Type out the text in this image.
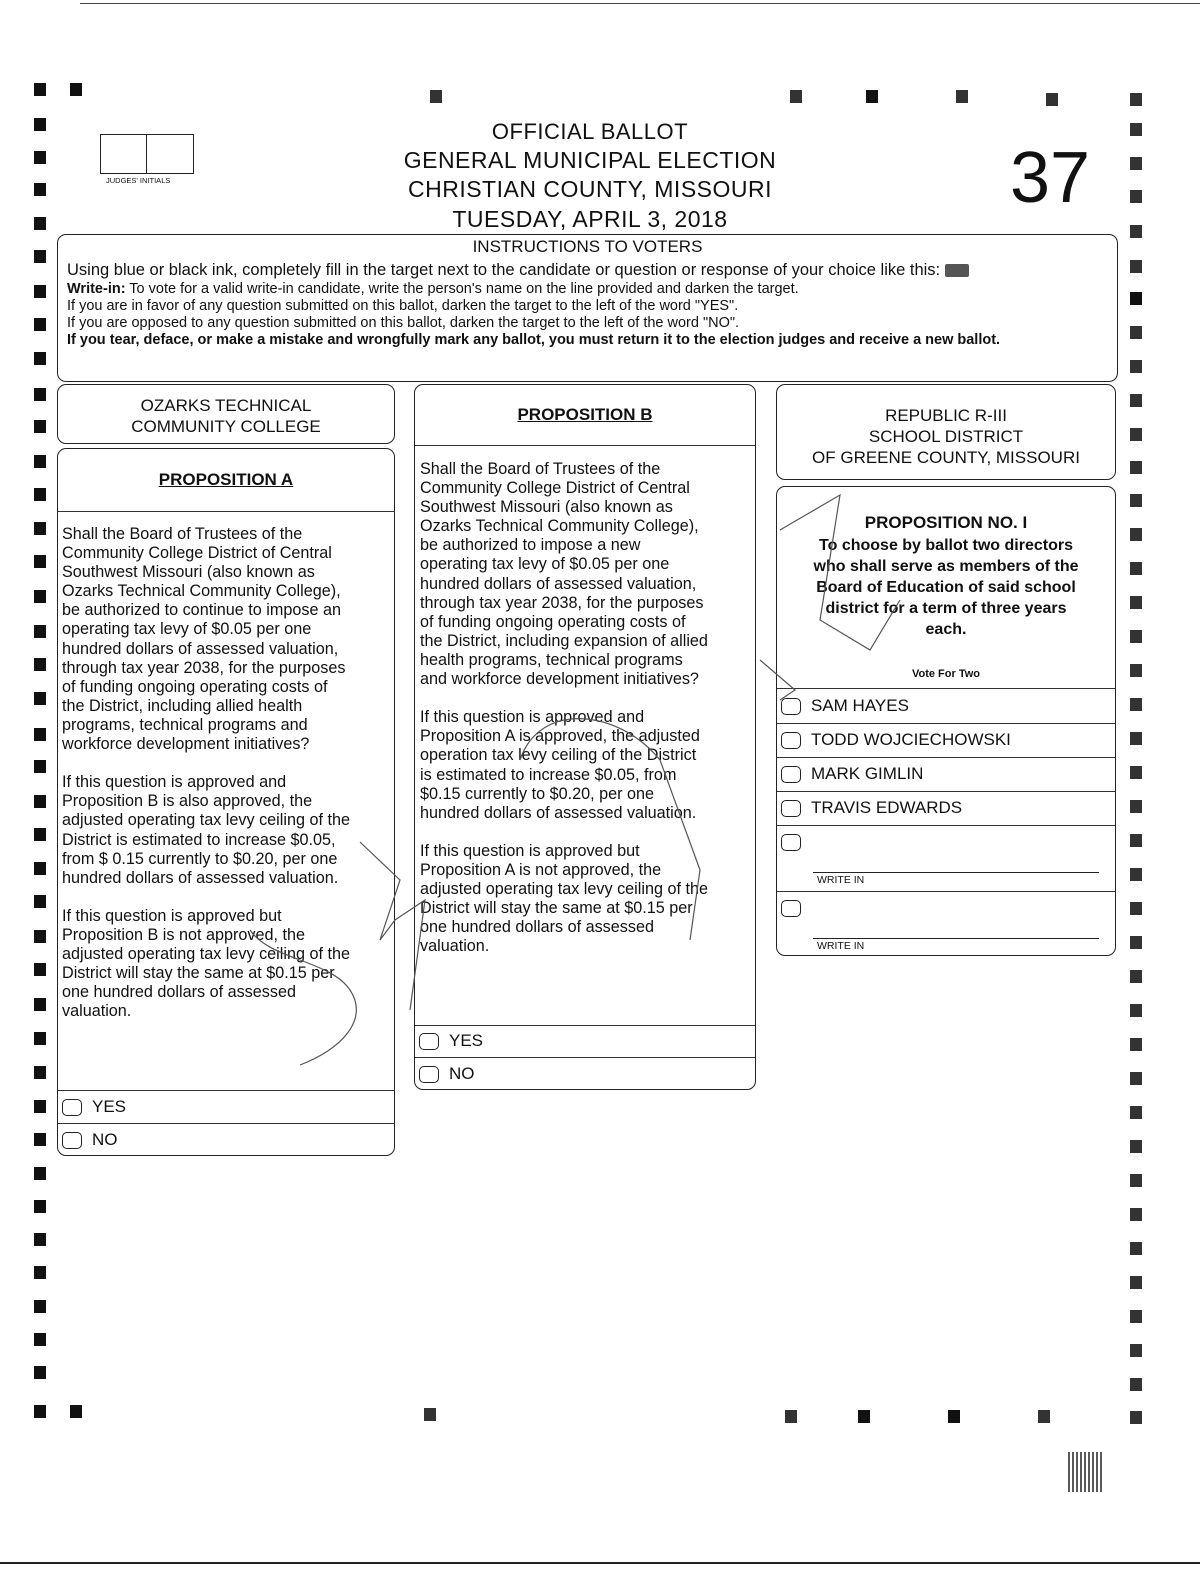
JUDGES' INITIALS
OFFICIAL BALLOT
GENERAL MUNICIPAL ELECTION
CHRISTIAN COUNTY, MISSOURI
TUESDAY, APRIL 3, 2018
37
INSTRUCTIONS TO VOTERS

Using blue or black ink, completely fill in the target next to the candidate or question or response of your choice like this:

Write-in: To vote for a valid write-in candidate, write the person's name on the line provided and darken the target.

If you are in favor of any question submitted on this ballot, darken the target to the left of the word "YES".

If you are opposed to any question submitted on this ballot, darken the target to the left of the word "NO".

If you tear, deface, or make a mistake and wrongfully mark any ballot, you must return it to the election judges and receive a new ballot.

OZARKS TECHNICAL
COMMUNITY COLLEGE
PROPOSITION A
Shall the Board of Trustees of the
Community College District of Central
Southwest Missouri (also known as
Ozarks Technical Community College),
be authorized to continue to impose an
operating tax levy of $0.05 per one
hundred dollars of assessed valuation,
through tax year 2038, for the purposes
of funding ongoing operating costs of
the District, including allied health
programs, technical programs and
workforce development initiatives?

If this question is approved and
Proposition B is also approved, the
adjusted operating tax levy ceiling of the
District is estimated to increase $0.05,
from $ 0.15 currently to $0.20, per one
hundred dollars of assessed valuation.

If this question is approved but
Proposition B is not approved, the
adjusted operating tax levy ceiling of the
District will stay the same at $0.15 per
one hundred dollars of assessed
valuation.
YES
NO
PROPOSITION B
Shall the Board of Trustees of the
Community College District of Central
Southwest Missouri (also known as
Ozarks Technical Community College),
be authorized to impose a new
operating tax levy of $0.05 per one
hundred dollars of assessed valuation,
through tax year 2038, for the purposes
of funding ongoing operating costs of
the District, including expansion of allied
health programs, technical programs
and workforce development initiatives?

If this question is approved and
Proposition A is approved, the adjusted
operation tax levy ceiling of the District
is estimated to increase $0.05, from
$0.15 currently to $0.20, per one
hundred dollars of assessed valuation.

If this question is approved but
Proposition A is not approved, the
adjusted operating tax levy ceiling of the
District will stay the same at $0.15 per
one hundred dollars of assessed
valuation.
YES
NO
REPUBLIC R-III
SCHOOL DISTRICT
OF GREENE COUNTY, MISSOURI
PROPOSITION NO. I
To choose by ballot two directors
who shall serve as members of the
Board of Education of said school
district for a term of three years
each.
Vote For Two
SAM HAYES
TODD WOJCIECHOWSKI
MARK GIMLIN
TRAVIS EDWARDS
WRITE IN
WRITE IN
